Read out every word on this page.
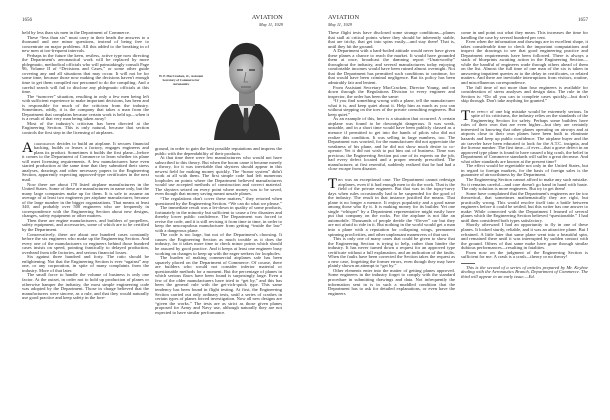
1656	AVIATION
May 11, 1929
AVIATION
May 11, 1929
1657
W. P. MacCracken, Jr., Assistant Secretary of Commerce for Aeronautics

held by less than six men in the Department of Commerce.

These “less than six” must carry in their heads the answers to a thousand and one minor questions, instead of being free to concentrate on major problems. All this added to the breaking in of new men at too-frequent intervals.

Perhaps in the future the keen, restless, active type now directing the Department's aeronautical work will be replaced by more phlegmatic, methodical officials who will painstakingly consult Page 96, Volume II of “Decisions and Cases,” or some other guide covering any and all situations that may occur. It will not be for some time, because those now making the decisions haven't enough time to get them compiled nor personnel to do the compiling. And a careful search will fail to disclose any phlegmatic officials at this time.

The “turnover” situation, resulting in only a few men being left with sufficient experience to make important decisions, has been and is responsible for much of the criticism from the industry. Sometimes, oddly, it is the company that takes a man from the Department that complains because certain work is held up—when it is a result of that very man being taken away!

Most of the industry's criticism has been directed at the Engineering Section. This is only natural, because that section controls the first step in the licensing of airplanes.

Acorporation decides to build an airplane. It secures financial backing, builds or leases a factory, engages engineers and plans its product. Sometimes it builds the first plane—before it comes to the Department of Commerce to learn whether its plane will meet licensing requirements. A few manufacturers have even started production at the same time that they submitted their stress analyses, drawings and other necessary papers to the Engineering Section, apparently expecting approved-type certificates in the next mail.

Now there are about 170 listed airplane manufacturers in the United States. Some of these are manufacturers in name only, but the many large companies make up for them. It is safe to assume an average of at least two engineers per airplane manufacturer, because of the large number in the bigger organizations. That means at least 340, and probably over 500 engineers who are frequently in correspondence with the Engineering Section about new designs, changes, safety equipment or other matters.

Then there are engine manufacturers, and builders of propellers, safety equipment, and accessories, some of which are to be certified by the Department.

Conservatively, there are about one hundred cases constantly before the six engineers who make up the Engineering Section. And every one of the manufacturers or engineers behind those hundred cases insists on speed, pointing frantically to delayed production, overhead from idle factories, and serious financial losses.

Six against three hundred and forty. The ratio should be enlightening. Not that the Engineering Section is ever “against” any one, or any corporation, in spite of many complaints from the industry. More of that later.

The small force to handle the volume of business is only one factor. At the outset, in order not to hold up production of planes or otherwise hamper the industry, the most simple engineering code was adopted by the Department. Those in charge believed that the manufacturers were sincere, as a rule, and that they would naturally use good practice and keep safety in the fore-

ground, in order to gain the best possible reputations and impress the public with the dependability of their products.

At that time there were few manufacturers who would not have subscribed to this theory. But when the boom came it became merely a theory, for it was inevitable that shysters should appear in this newest field for making money quickly. The “honor system” didn't work at all with them. The first simple code had left numerous loopholes on points where the Department believed manufacturers would use accepted methods of construction and correct material. The shysters seized on every point where money was to be saved, even though that money saving meant unsafe planes.

“The regulations don't cover these matters,” they retorted when questioned by the Engineering Section. “We can do what we please.”

The immediate result was a let-down in quality of some products, fortunately in the minority but sufficient to cause a few disasters and thereby lower public confidence. The Department was forced to revise the code, and it is still revising it from time to time, in order to keep the unscrupulous manufacturer from getting “inside the law” with a dangerous plane.

The code is too large, but not of the Department's choosing. It causes the Engineering Section as much trouble as it does the industry, for it takes more time to check minor points which should be assured by good practice. And it keeps at least one engineer busy working on changes to keep up with the eager seekers for loopholes.

The burden of making commercial airplanes safe has been squarely placed on the Department of Commerce. Of course, there are builders who would not consider inferior material or questionable methods for a moment. But the percentage of planes in which serious flaws have been found is surprisingly large. Even a few of the older manufacturers have tried to “get by,” and this has been the general rule with the get-rich-quick type. This same tendency has been found in flight testing. At first, the Engineering Section carried out only ordinary tests, until a series of crashes in certain types of planes forced investigation. Now all new designs are “given the works.” The tests are as strict as those given planes proposed for Army and Navy use, although naturally they are not expected to have similar performance.

These flight tests have disclosed some strange conditions—planes that stall at critical points where they should be inherently stable, that are tricky, that get into spins easily—and stay there! That is, until they hit the ground.

A Department with a hard-boiled attitude would never have given these planes a chance to reach the market. It would have grounded them at once, broadcast the damning report “Unairworthy” throughout the industry, and several manufacturers today enjoying comfortable incomes would have been ruined almost overnight. Not that the Department has permitted such conditions to continue, for that would have been criminal negligence. But its policy has been admirably fair and lenient.

From Assistant Secretary MacCracken, Director Young, and on down through the Regulations Division to every engineer and inspector, the order has been the same:

“If you find something wrong with a plane, tell the manufacturer what it is, and keep quiet about it. Help him as much as you can without stepping on the toes of the private consulting engineers. But keep quiet.”

As an example of this, here is a situation that occurred. A certain airplane was found to be downright dangerous. It was weak, unstable, and in a short time would have been publicly classed as a menace if permitted to get into the hands of pilots who did not realize this condition. It was selling in large numbers, too. The Department was worried, for the manufacturer did not appreciate the weakness of his plane, and he did not show much desire to co-operate. Yet it did not wish to put him out of business. Time was precious; the Engineering Section put one of its experts on the job, had every defect located and a proper remedy prescribed. The manufacturer, at first resentful, suddenly realized that he had had a close escape from disaster.

This was an exceptional case. The Department cannot redesign airplanes, even if it had enough men to do the work. That is the field of the private engineer. But that was in the topsy-turvy days when rules occasionally had to be suspended for the good of the industry. The result in that instance justified the means. That plane is no longer a menace. It enjoys popularity and a good name among those who fly it. It is making money for its builder. Yet one single “whisper” by a Department representative might easily have put that company on the rocks. For the airplane is not like an automobile. Thousands of people deride the “flivver” car but they are not afraid to ride in it. But nothing in the world would get a man into a plane with a reputation for collapsing wings, permanent spinning proclivities, and other unpleasant maneuvers of that sort.

This is only one of many cases that could be given to show that the Engineering Section is trying to help, rather than hinder the industry. It has never turned down a request for an approved type certificate without a full explanation, and an indication of the faults. When the faults have been corrected the Section takes the request as a new case, forgetting the former errors, even though they may have plainly shown an attempt to “get by.”

Other elements enter into the matter of getting planes approved. Some engineers in the industry forget to comply with the standard procedure in submitting drawings and data. Not infrequently the information sent in is in such a muddled condition that the Department has to ask for detailed explanations, or even have the engineers

come in and point out what they mean. This increases the time for handling the case by several hundred per cent.

Even when the information and drawings are in excellent shape, it takes considerable time to check the important computations and inspect the drawings to see that good engineering practice and Department requirements have been followed. There is always a stack of blueprints awaiting action in the Engineering Section—while the handful of engineers wade through others ahead of them on the list. Almost the full time of one man of the six is taken in answering impatient queries as to the delay in certificates, or related matters. And there are inevitable interruptions from visitors, routine, and miscellaneous correspondence.

The full time of not more than four engineers is available for consideration of stress analyses and design data. The rule in the Section is: “Do all you can to complete cases quickly—but don't skip through. Don't take anything for granted.”

The effect of one big mistake would be extremely serious. In spite of its criticisms, the industry relies on the standards of the Engineering Section for safety. Perhaps some builders have rules of their own that are even higher—but they are certainly interested in knowing that other planes operating on airways and at airports close to their own planes have been built to eliminate hazards and keep up public confidence. The airplane buyer and the air traveler have been educated to look for the A.T.C. insignia, and the license number. The first time—if ever—that a grave defect in an approved type plane is found to have caused a big crash, the belief in Department of Commerce standards will suffer a great decrease. And what other standards are known at the present time?

The effect would be regrettable not only in the United States, but in regard to foreign markets, for the basis of foreign sales is the guarantee of airworthiness by the Department.

The Engineering Section cannot afford to make any such mistake. So it remains careful—and care doesn't go hand in hand with haste. The only solution is more engineers. But try to get them!

Some have complained that the Department's engineers are far too theoretical, that sometimes mathematically they are right, but practically wrong. This would resolve itself into a battle between engineers before it could be settled, but this writer has one answer to make: While connected with the Department I learned of several planes which the Engineering Section believed “questionable.” I had until then considered both types satisfactory.

Shortly afterward I had an opportunity to fly in one of these planes. It looked sturdy, reliable, and it was an attractive plane. But I refrained. A little later that same plane went into a beautiful spin, and remained there until it was interrupted by sudden contact with the ground. Others of that same make have gone through similar dubious performances—resulting in fatalities.

From now on the judgment of the Engineering Section is sufficient for me. A crash is a crash—theory or no theory!

This is the second of a series of articles prepared by Mr. Keyhoe dealing with the Aeronautics Branch, Department of Commerce. The third will appear in an early issue.—Ed.
